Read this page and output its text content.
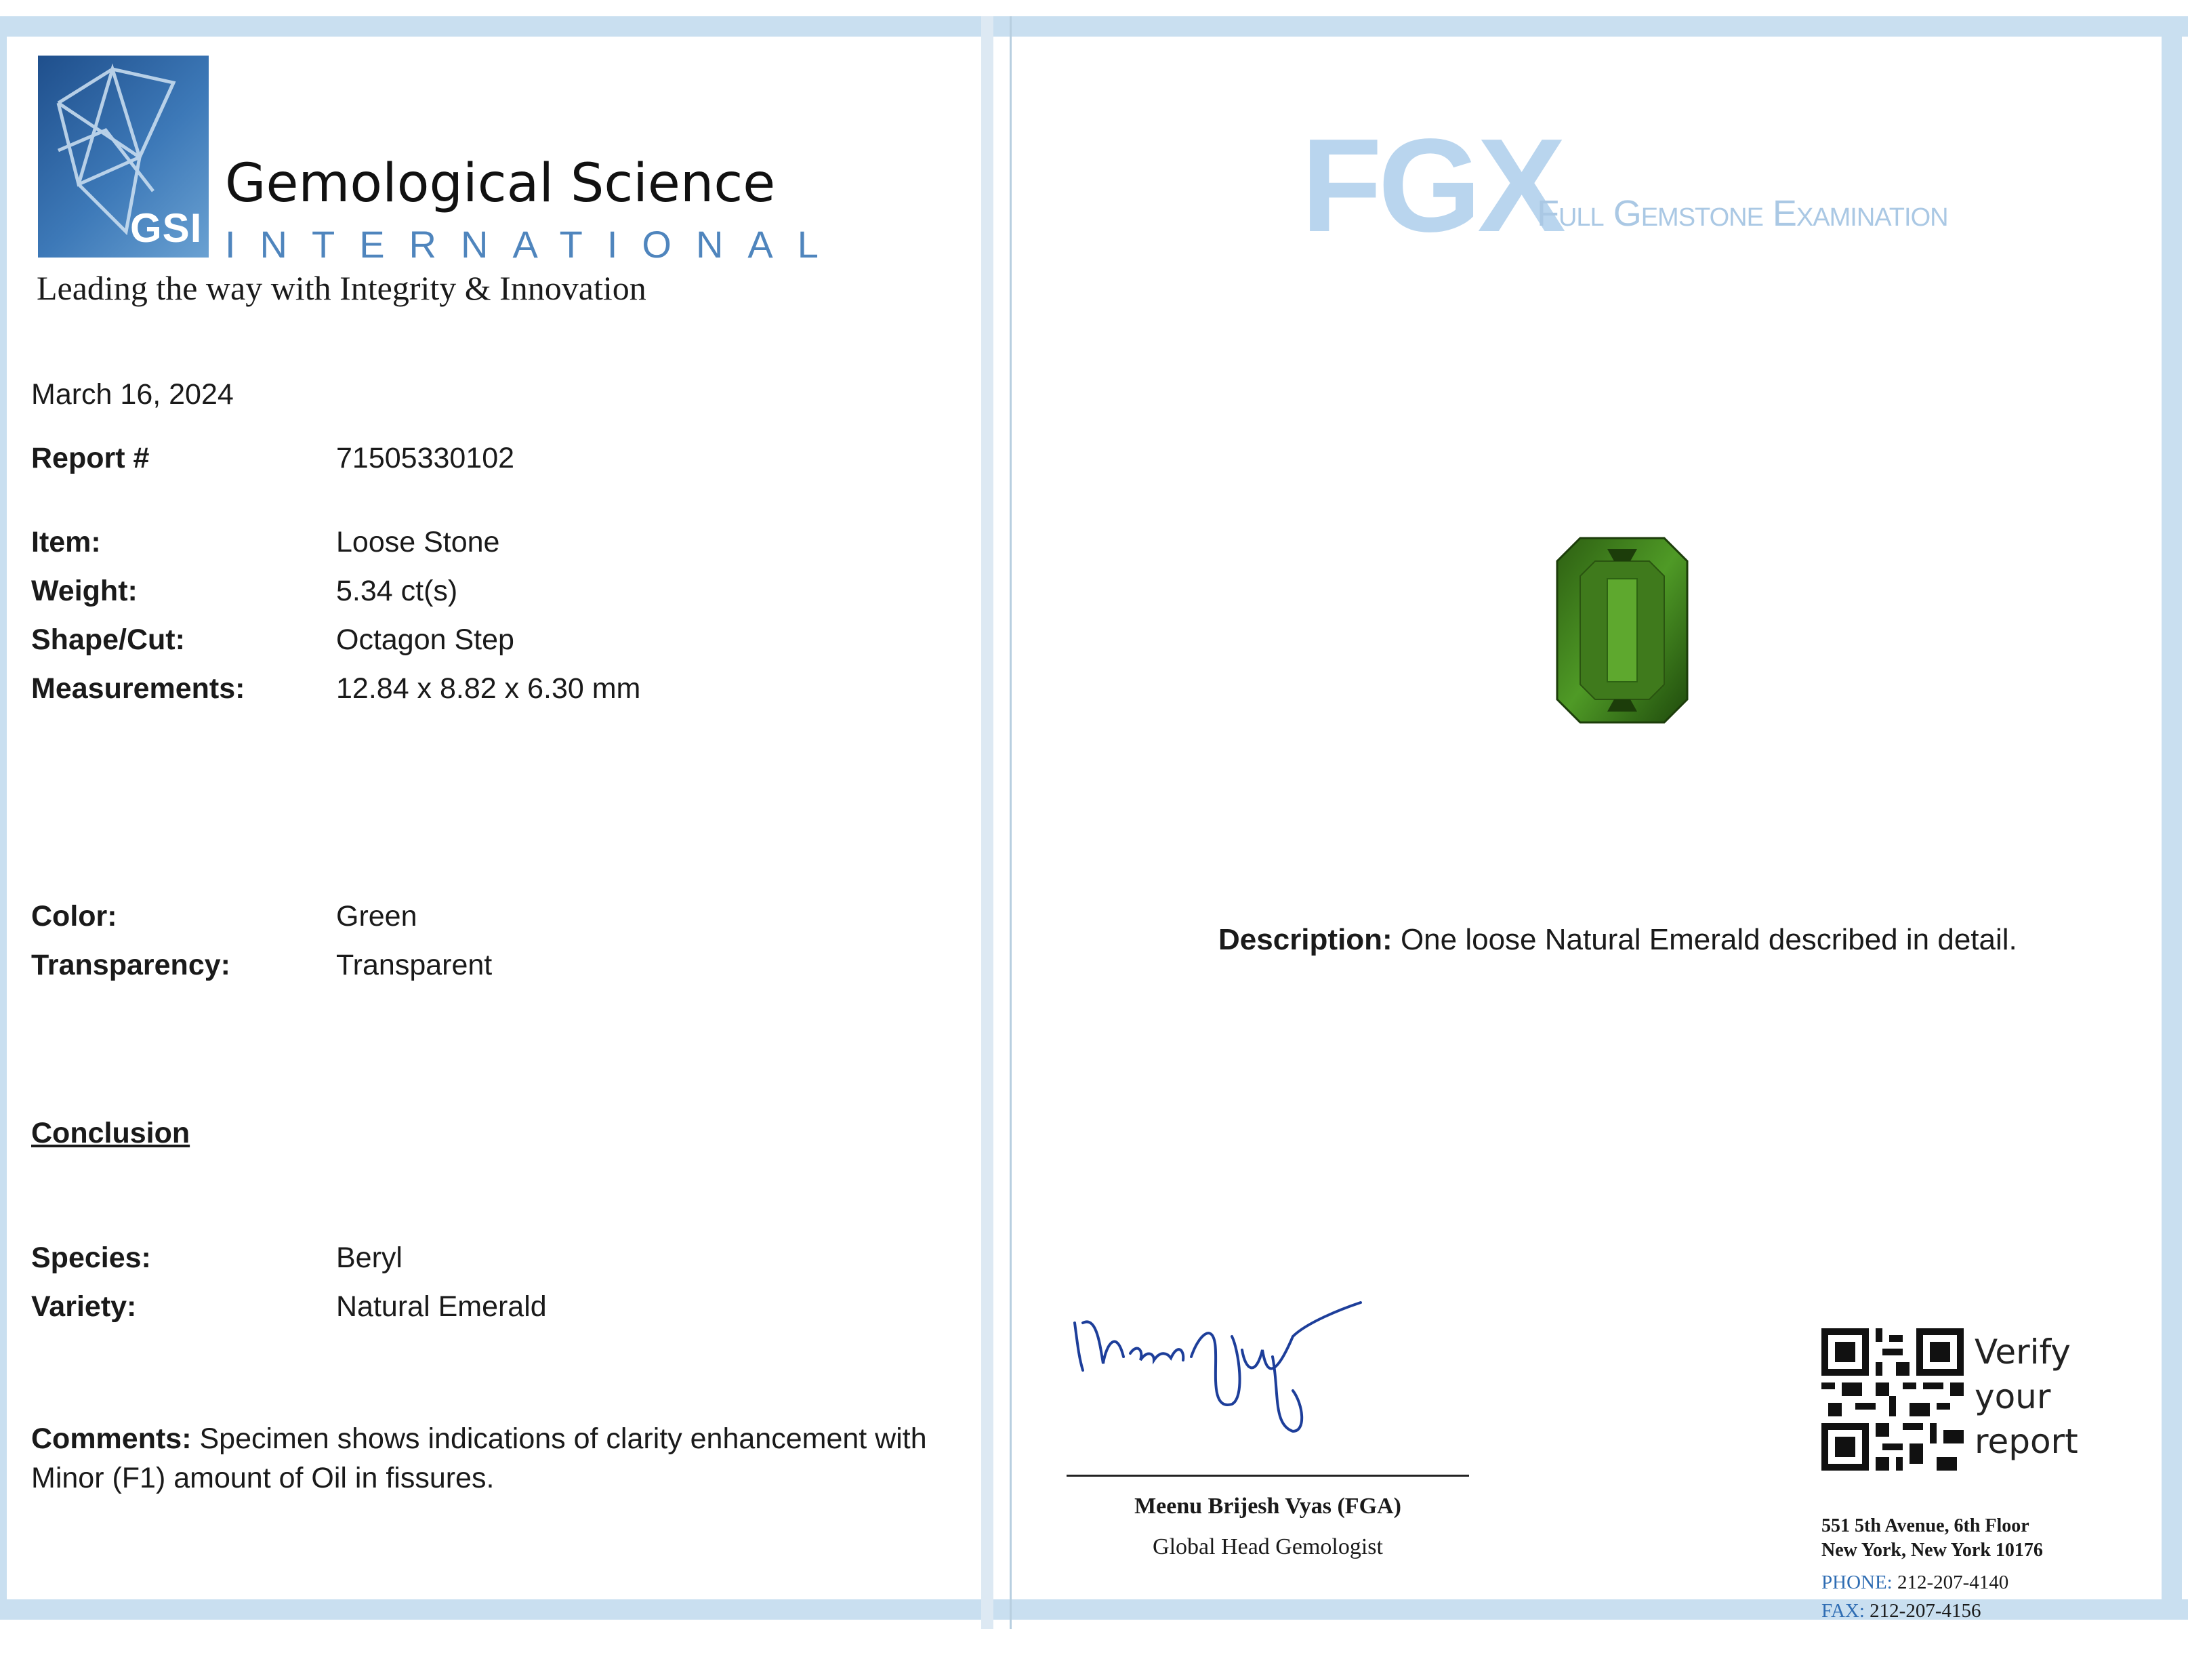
GSI
Gemological Science
INTERNATIONAL
Leading the way with Integrity & Innovation
March 16, 2024
Report #	71505330102
Item:	Loose Stone
Weight:	5.34 ct(s)
Shape/Cut:	Octagon Step
Measurements:	12.84 x 8.82 x 6.30 mm
Color:	Green
Transparency:	Transparent
Conclusion
Species:	Beryl
Variety:	Natural Emerald
Comments: Specimen shows indications of clarity enhancement with Minor (F1) amount of Oil in fissures.
FGX
Full Gemstone Examination
Description: One loose Natural Emerald described in detail.
Meenu Brijesh Vyas (FGA)
Global Head Gemologist
Verify
your
report
551 5th Avenue, 6th Floor
New York, New York 10176
PHONE: 212-207-4140
FAX: 212-207-4156
